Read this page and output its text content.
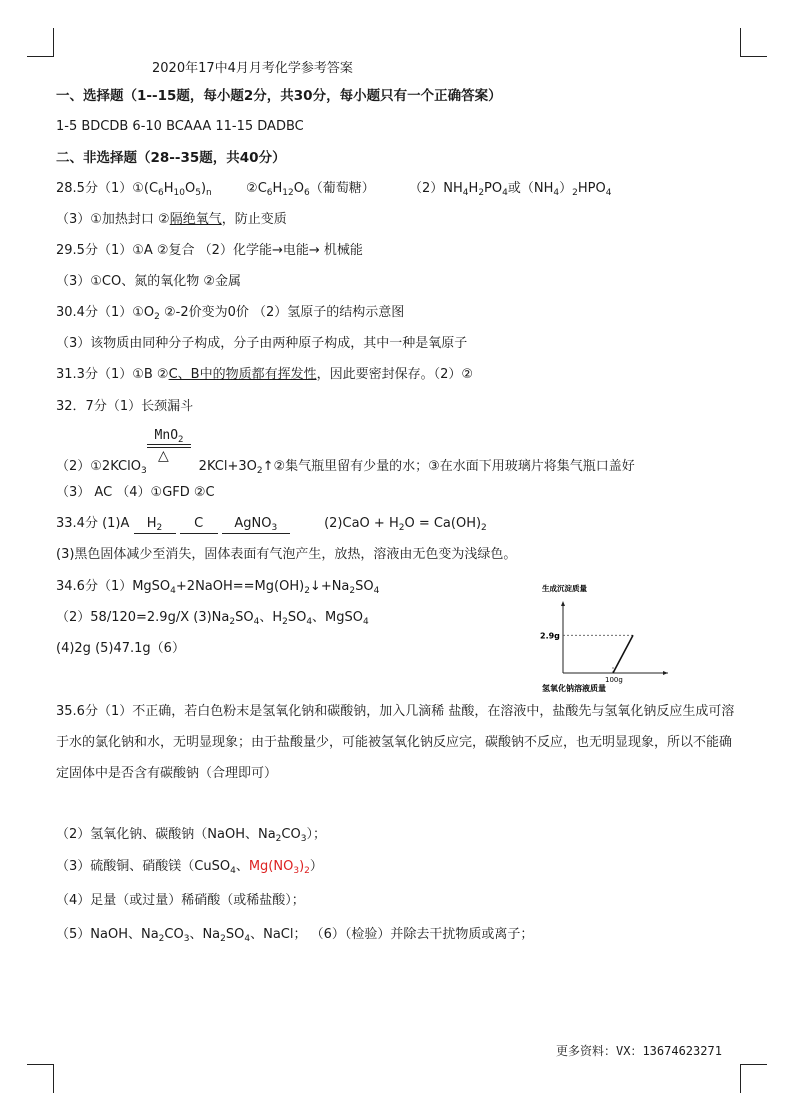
2020年17中4月月考化学参考答案
一、选择题（1--15题，每小题2分，共30分，每小题只有一个正确答案）
1-5 BDCDB 6-10 BCAAA 11-15 DADBC
二、非选择题（28--35题，共40分）
28.5分$(1)①(C_6H_{10}O_5)_n$	$②C_6H_{12}O_6$（葡萄糖）	$(2)NH_4H_2PO_4$或$(NH_4)_2HPO_4$
（3）①加热封口 ②隔绝氧气，防止变质
29.5分（1）①A ②复合 （2）化学能→电能→ 机械能
（3）①CO、氮的氧化物 ②金属
30.4分$(1)①O_2$ ②-2价变为0价 （2）氢原子的结构示意图
（3）该物质由同种分子构成，分子由两种原子构成，其中一种是氧原子
31.3分（1）①B ②C、B中的物质都有挥发性，因此要密封保存。（2）②
32．7分（1）长颈漏斗
MnO$_2$
△
（2）①2KClO$_3$	$2KCl+3O_2↑②$集气瓶里留有少量的水；③在水面下用玻璃片将集气瓶口盖好
（3） AC （4）①GFD ②C
33.4分 (1)A $H_2$ C AgNO$_3$	$(2)CaO + H_2O = Ca(OH)_2$
(3)黑色固体减少至消失，固体表面有气泡产生，放热，溶液由无色变为浅绿色。
34.6分$(1)MgSO_4+2NaOH==Mg(OH)_2↓+Na_2SO_4$
（2）58/120=2.9g/X $(3)Na_2SO_4$、$H_2SO_4$、MgSO$_4$
(4)2g (5)47.1g（6）
生成沉淀质量
2.9g
100g
氢氧化钠溶液质量
35.6分（1）不正确，若白色粉末是氢氧化钠和碳酸钠，加入几滴稀 盐酸，在溶液中，盐酸先与氢氧化钠反应生成可溶于水的氯化钠和水，无明显现象；由于盐酸量少，可能被氢氧化钠反应完，碳酸钠不反应，也无明显现象，所以不能确定固体中是否含有碳酸钠（合理即可）
（2）氢氧化钠、碳酸钠（NaOH、$Na_2CO_3$）；
（3）硫酸铜、硝酸镁（CuSO$_4$、$Mg(NO_3)_2$）
（4）足量（或过量）稀硝酸（或稀盐酸）；
（5）NaOH、$Na_2CO_3$、$Na_2SO_4$、NaCl； （6）（检验）并除去干扰物质或离子；
更多资料：VX：13674623271
